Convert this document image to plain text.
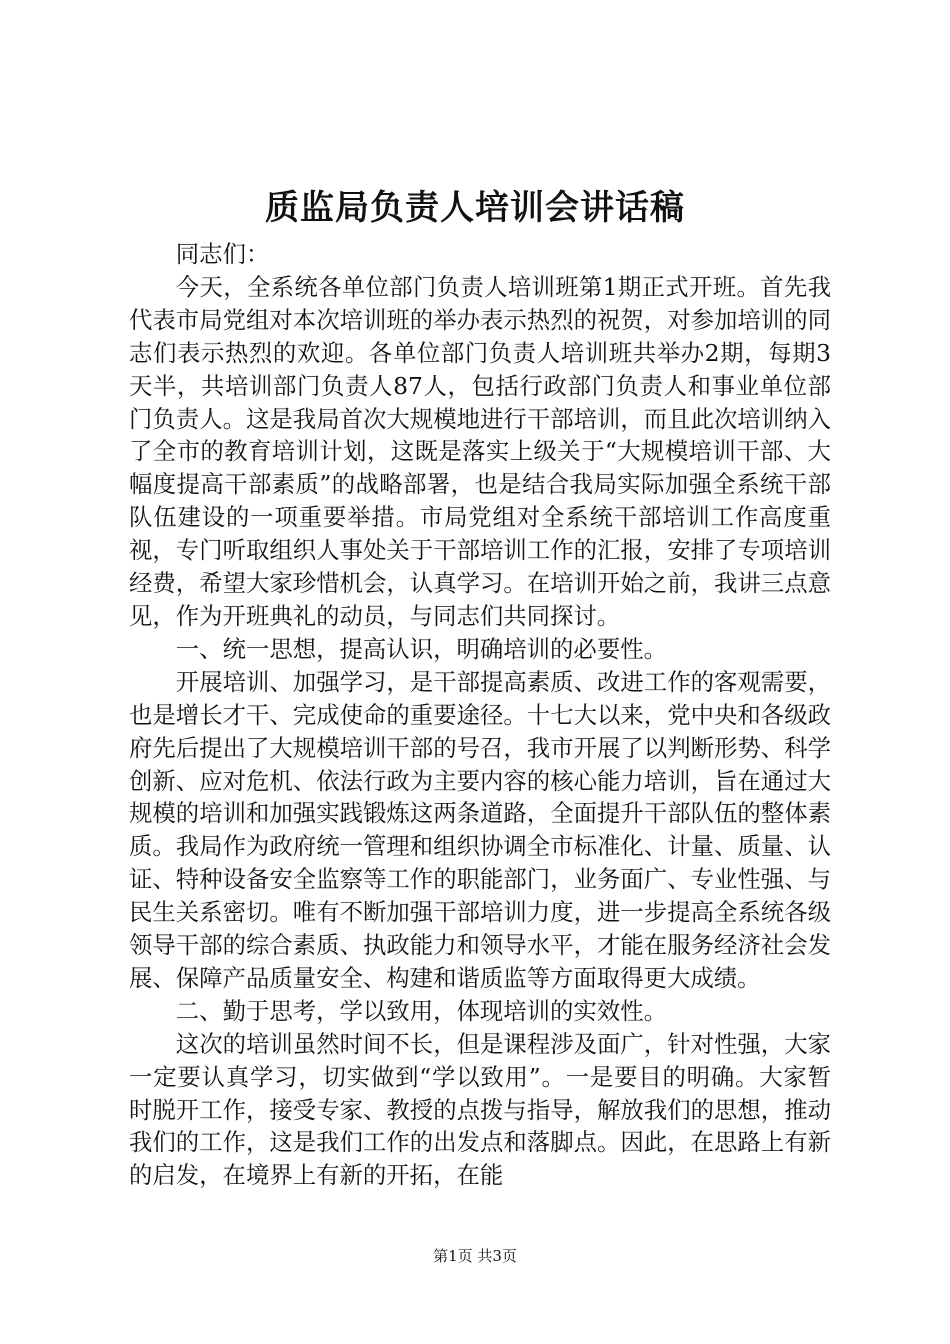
质监局负责人培训会讲话稿

同志们：

今天，全系统各单位部门负责人培训班第1期正式开班。首先我代表市局党组对本次培训班的举办表示热烈的祝贺，对参加培训的同志们表示热烈的欢迎。各单位部门负责人培训班共举办2期，每期3天半，共培训部门负责人87人，包括行政部门负责人和事业单位部门负责人。这是我局首次大规模地进行干部培训，而且此次培训纳入了全市的教育培训计划，这既是落实上级关于“大规模培训干部、大幅度提高干部素质”的战略部署，也是结合我局实际加强全系统干部队伍建设的一项重要举措。市局党组对全系统干部培训工作高度重视，专门听取组织人事处关于干部培训工作的汇报，安排了专项培训经费，希望大家珍惜机会，认真学习。在培训开始之前，我讲三点意见，作为开班典礼的动员，与同志们共同探讨。

一、统一思想，提高认识，明确培训的必要性。

开展培训、加强学习，是干部提高素质、改进工作的客观需要，也是增长才干、完成使命的重要途径。十七大以来，党中央和各级政府先后提出了大规模培训干部的号召，我市开展了以判断形势、科学创新、应对危机、依法行政为主要内容的核心能力培训，旨在通过大规模的培训和加强实践锻炼这两条道路，全面提升干部队伍的整体素质。我局作为政府统一管理和组织协调全市标准化、计量、质量、认证、特种设备安全监察等工作的职能部门，业务面广、专业性强、与民生关系密切。唯有不断加强干部培训力度，进一步提高全系统各级领导干部的综合素质、执政能力和领导水平，才能在服务经济社会发展、保障产品质量安全、构建和谐质监等方面取得更大成绩。

二、勤于思考，学以致用，体现培训的实效性。

这次的培训虽然时间不长，但是课程涉及面广，针对性强，大家一定要认真学习，切实做到“学以致用”。一是要目的明确。大家暂时脱开工作，接受专家、教授的点拨与指导，解放我们的思想，推动我们的工作，这是我们工作的出发点和落脚点。因此，在思路上有新的启发，在境界上有新的开拓，在能

第1页 共3页
